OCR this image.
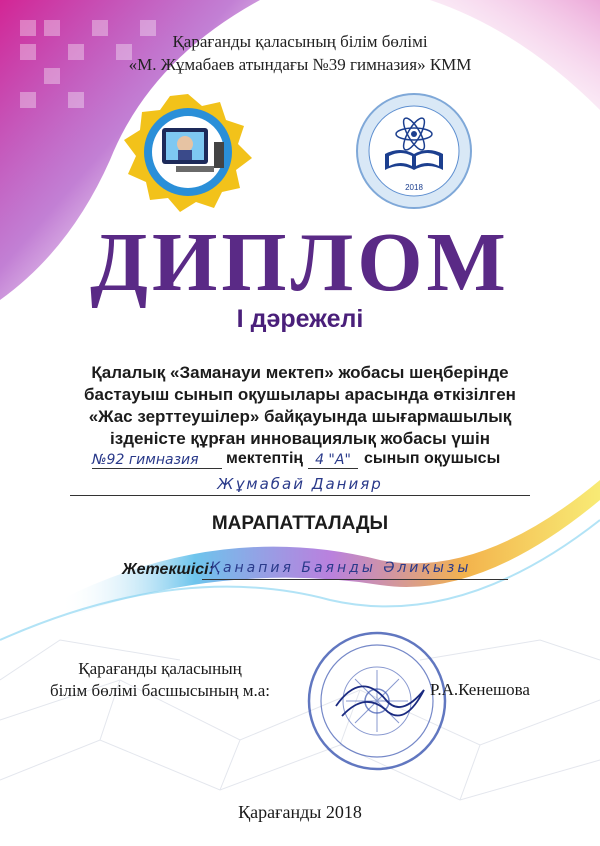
Қарағанды қаласының білім бөлімі
«М. Жұмабаев атындағы №39 гимназия» КММ
2018
ДИПЛОМ
І дәрежелі
Қалалық «Заманауи мектеп» жобасы шеңберінде
бастауыш сынып оқушылары арасында өткізілген
«Жас зерттеушілер» байқауында шығармашылық
ізденісте құрған инновациялық жобасы үшін
№92 гимназия	мектептің 4 "А" сынып оқушысы
Жұмабай Данияр
МАРАПАТТАЛАДЫ
Жетекшісі:
Қанапия Баянды Әлиқызы
Қарағанды қаласының
білім бөлімі басшысының м.а:	Р.А.Кенешова
Қарағанды 2018
